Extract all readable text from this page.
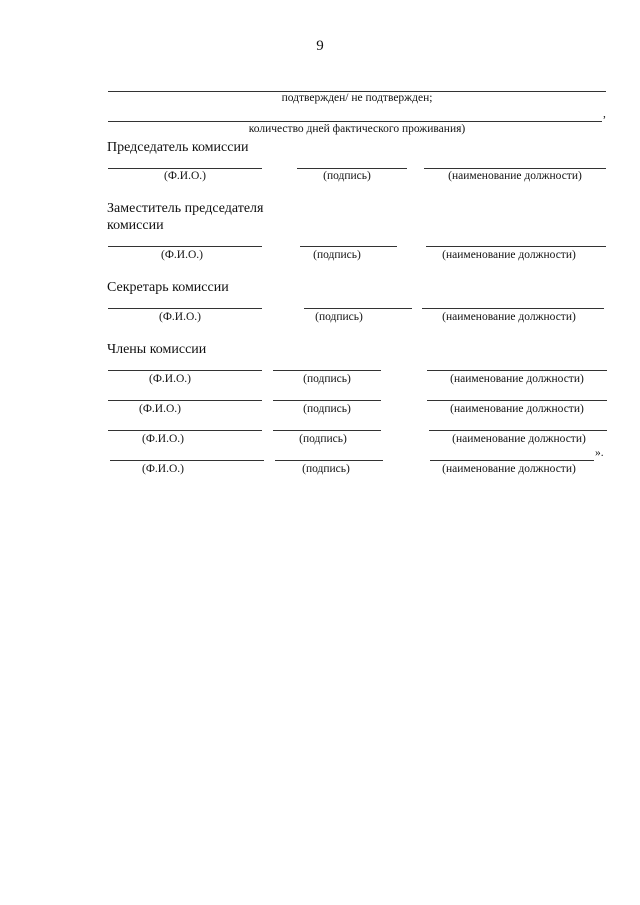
9
подтвержден/ не подтвержден;
,
количество дней фактического проживания)
Председатель комиссии
(Ф.И.О.)	(подпись)	(наименование должности)
Заместитель председателя комиссии
(Ф.И.О.)	(подпись)	(наименование должности)
Секретарь комиссии
(Ф.И.О.)	(подпись)	(наименование должности)
Члены комиссии
(Ф.И.О.)	(подпись)	(наименование должности)
(Ф.И.О.)	(подпись)	(наименование должности)
(Ф.И.О.)	(подпись)	(наименование должности)
».
(Ф.И.О.)	(подпись)	(наименование должности)
